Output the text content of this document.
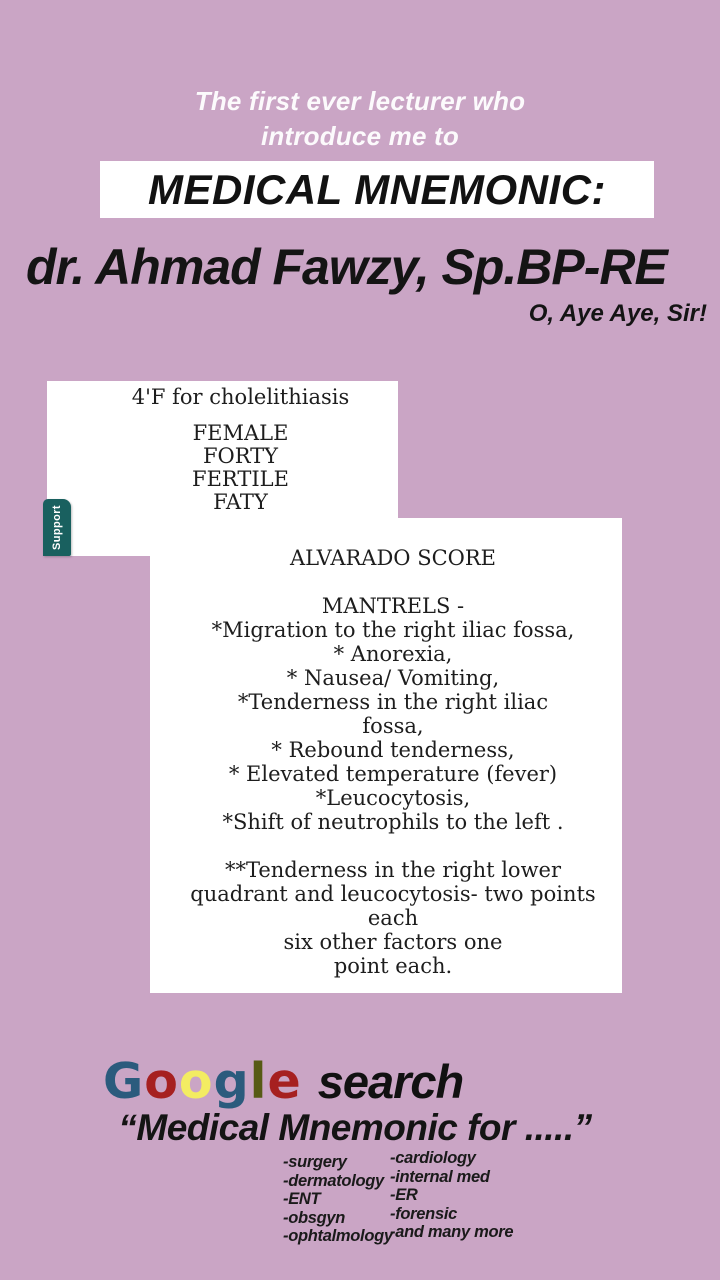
The first ever lecturer who
introduce me to
MEDICAL MNEMONIC:
dr. Ahmad Fawzy, Sp.BP-RE
O, Aye Aye, Sir!
4'F for cholelithiasis
FEMALE
FORTY
FERTILE
FATY
Support
ALVARADO SCORE
MANTRELS -
*Migration to the right iliac fossa,
* Anorexia,
* Nausea/ Vomiting,
*Tenderness in the right iliac
fossa,
* Rebound tenderness,
* Elevated temperature (fever)
*Leucocytosis,
*Shift of neutrophils to the left .
**Tenderness in the right lower
quadrant and leucocytosis- two points
each
six other factors one
point each.
Google search
“Medical Mnemonic for .....”
-surgery
-dermatology
-ENT
-obsgyn
-ophtalmology
-cardiology
-internal med
-ER
-forensic
-and many more
